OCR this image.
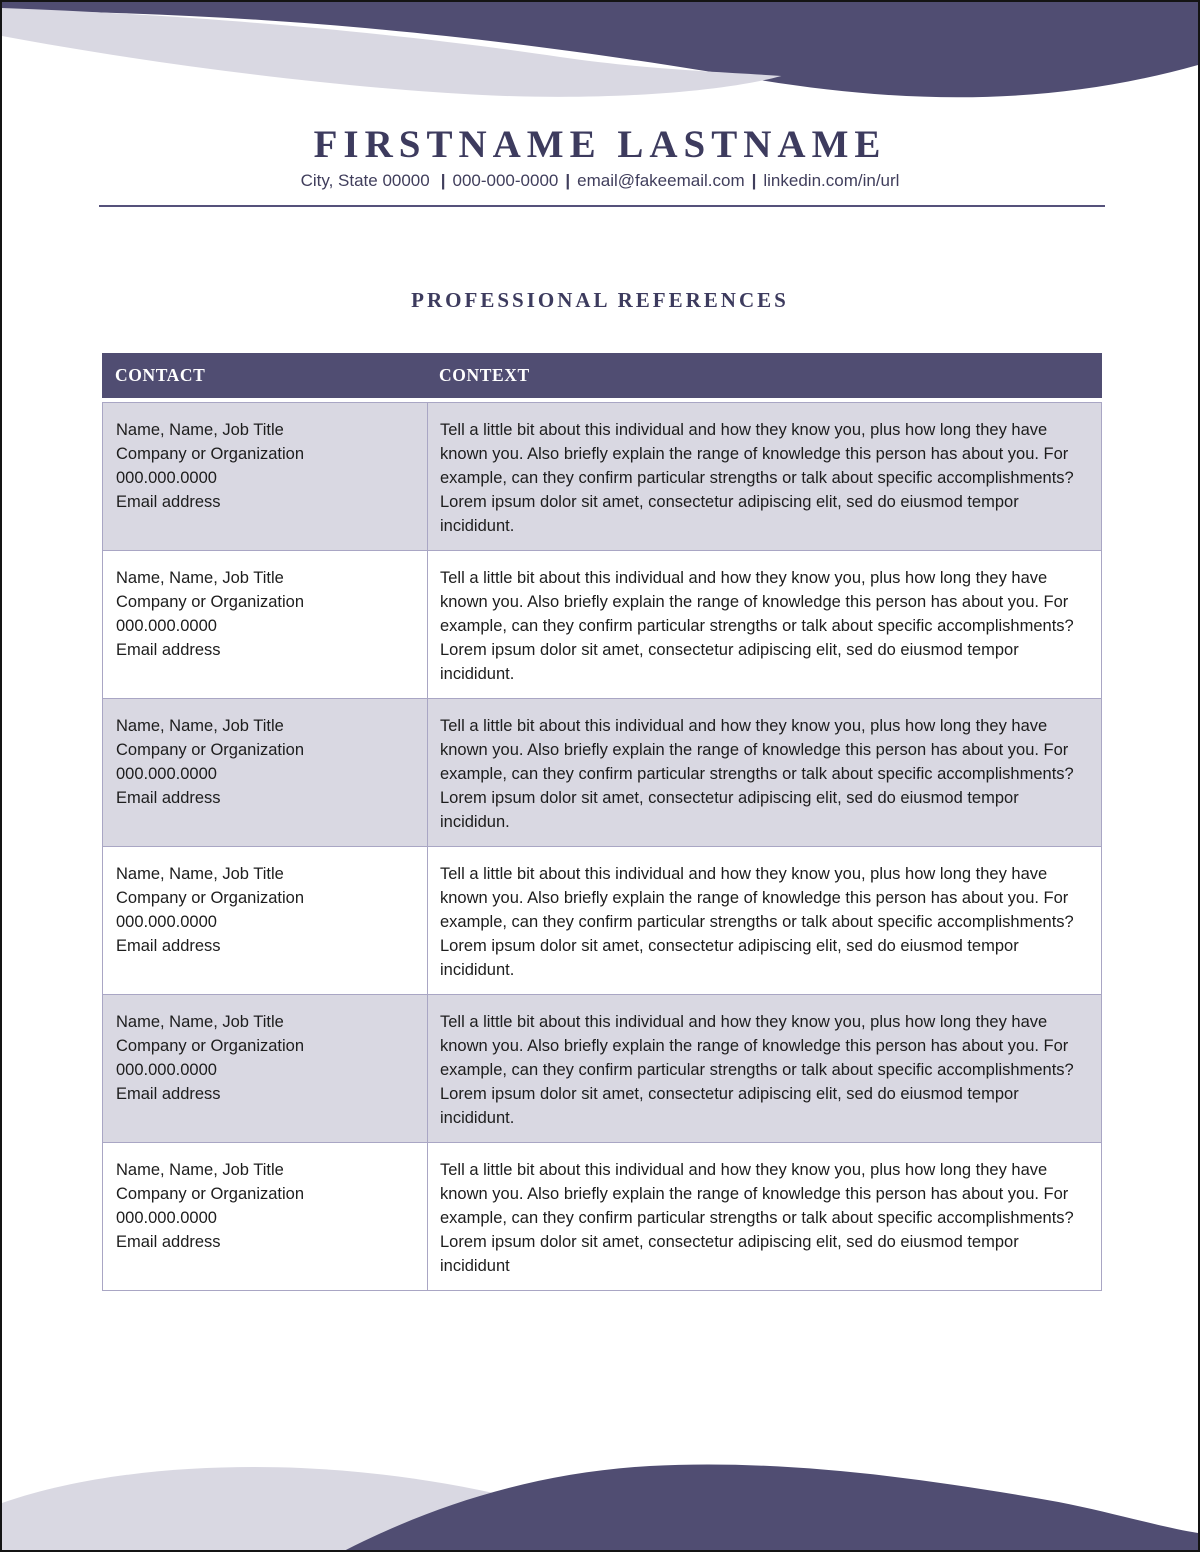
FIRSTNAME LASTNAME
City, State 00000 | 000-000-0000 | email@fakeemail.com | linkedin.com/in/url
PROFESSIONAL REFERENCES
CONTACT	CONTEXT
Name, Name, Job Title
Company or Organization
000.000.0000
Email address

Tell a little bit about this individual and how they know you, plus how long they have known you. Also briefly explain the range of knowledge this person has about you. For example, can they confirm particular strengths or talk about specific accomplishments? Lorem ipsum dolor sit amet, consectetur adipiscing elit, sed do eiusmod tempor incididunt.

Name, Name, Job Title
Company or Organization
000.000.0000
Email address

Tell a little bit about this individual and how they know you, plus how long they have known you. Also briefly explain the range of knowledge this person has about you. For example, can they confirm particular strengths or talk about specific accomplishments? Lorem ipsum dolor sit amet, consectetur adipiscing elit, sed do eiusmod tempor incididunt.

Name, Name, Job Title
Company or Organization
000.000.0000
Email address

Tell a little bit about this individual and how they know you, plus how long they have known you. Also briefly explain the range of knowledge this person has about you. For example, can they confirm particular strengths or talk about specific accomplishments? Lorem ipsum dolor sit amet, consectetur adipiscing elit, sed do eiusmod tempor incididun.

Name, Name, Job Title
Company or Organization
000.000.0000
Email address

Tell a little bit about this individual and how they know you, plus how long they have known you. Also briefly explain the range of knowledge this person has about you. For example, can they confirm particular strengths or talk about specific accomplishments? Lorem ipsum dolor sit amet, consectetur adipiscing elit, sed do eiusmod tempor incididunt.

Name, Name, Job Title
Company or Organization
000.000.0000
Email address

Tell a little bit about this individual and how they know you, plus how long they have known you. Also briefly explain the range of knowledge this person has about you. For example, can they confirm particular strengths or talk about specific accomplishments? Lorem ipsum dolor sit amet, consectetur adipiscing elit, sed do eiusmod tempor incididunt.

Name, Name, Job Title
Company or Organization
000.000.0000
Email address

Tell a little bit about this individual and how they know you, plus how long they have known you. Also briefly explain the range of knowledge this person has about you. For example, can they confirm particular strengths or talk about specific accomplishments? Lorem ipsum dolor sit amet, consectetur adipiscing elit, sed do eiusmod tempor incididunt
